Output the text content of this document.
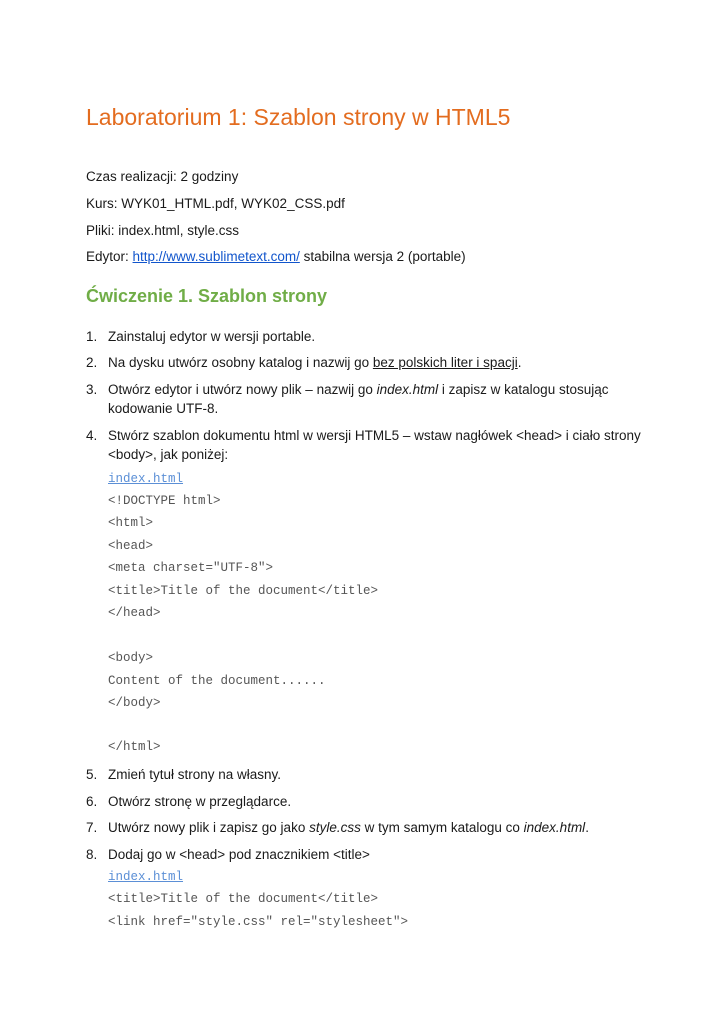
Laboratorium 1: Szablon strony w HTML5

Czas realizacji: 2 godziny

Kurs: WYK01_HTML.pdf, WYK02_CSS.pdf

Pliki: index.html, style.css

Edytor: http://www.sublimetext.com/ stabilna wersja 2 (portable)

Ćwiczenie 1. Szablon strony
1. Zainstaluj edytor w wersji portable.
2. Na dysku utwórz osobny katalog i nazwij go bez polskich liter i spacji.
3. Otwórz edytor i utwórz nowy plik – nazwij go index.html i zapisz w katalogu stosując kodowanie UTF-8.
4. Stwórz szablon dokumentu html w wersji HTML5 – wstaw nagłówek <head> i ciało strony <body>, jak poniżej:
index.html
<!DOCTYPE html>
<html>
<head>
<meta charset="UTF-8">
<title>Title of the document</title>
</head>
<body>
Content of the document......
</body>
</html>
5. Zmień tytuł strony na własny.
6. Otwórz stronę w przeglądarce.
7. Utwórz nowy plik i zapisz go jako style.css w tym samym katalogu co index.html.
8. Dodaj go w <head> pod znacznikiem <title>
index.html
<title>Title of the document</title>
<link href="style.css" rel="stylesheet">
